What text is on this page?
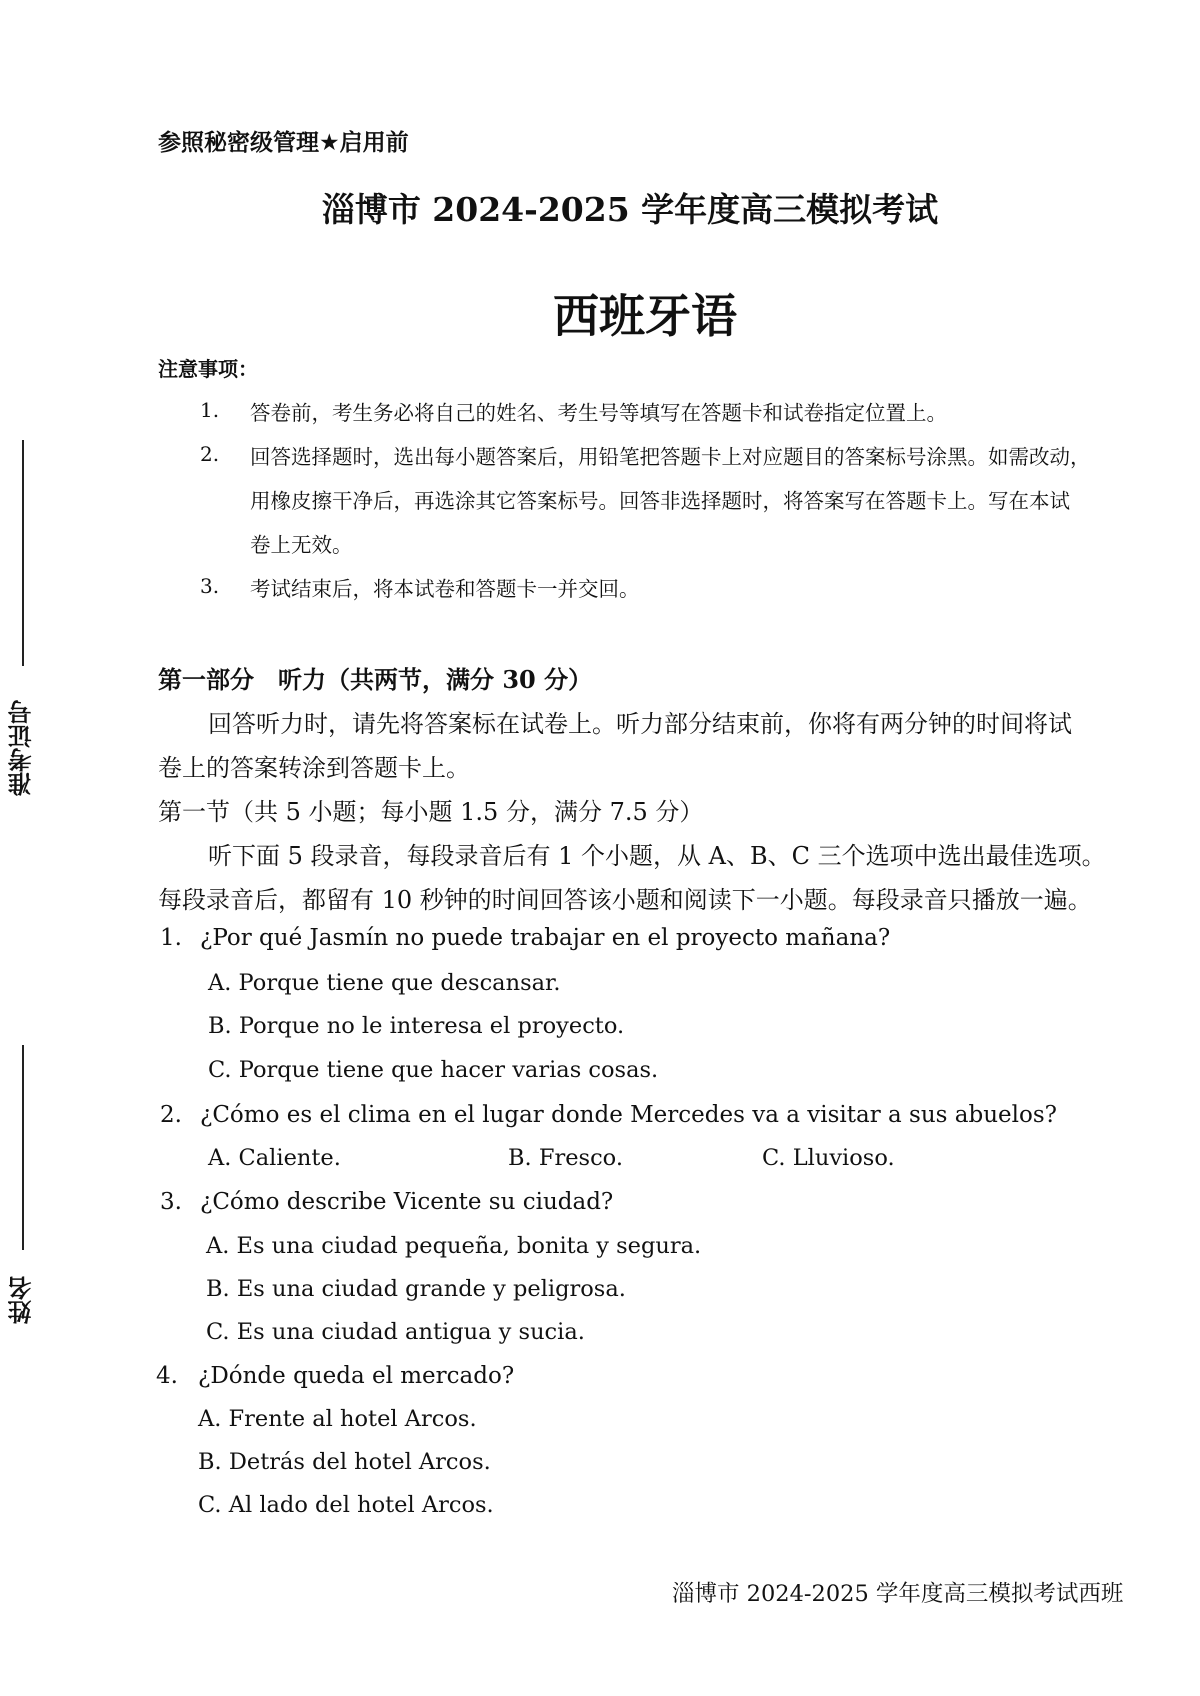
准考证号
姓名
参照秘密级管理★启用前
淄博市 2024-2025 学年度高三模拟考试
西班牙语
注意事项：
1. 答卷前，考生务必将自己的姓名、考生号等填写在答题卡和试卷指定位置上。
2. 回答选择题时，选出每小题答案后，用铅笔把答题卡上对应题目的答案标号涂黑。如需改动，
用橡皮擦干净后，再选涂其它答案标号。回答非选择题时，将答案写在答题卡上。写在本试
卷上无效。
3. 考试结束后，将本试卷和答题卡一并交回。
第一部分　听力（共两节，满分 30 分）
回答听力时，请先将答案标在试卷上。听力部分结束前，你将有两分钟的时间将试
卷上的答案转涂到答题卡上。
第一节（共 5 小题；每小题 1.5 分，满分 7.5 分）
听下面 5 段录音，每段录音后有 1 个小题，从 A、B、C 三个选项中选出最佳选项。
每段录音后，都留有 10 秒钟的时间回答该小题和阅读下一小题。每段录音只播放一遍。
1. ¿Por qué Jasmín no puede trabajar en el proyecto mañana?
A. Porque tiene que descansar.
B. Porque no le interesa el proyecto.
C. Porque tiene que hacer varias cosas.
2. ¿Cómo es el clima en el lugar donde Mercedes va a visitar a sus abuelos?
A. Caliente.	B. Fresco.	C. Lluvioso.
3. ¿Cómo describe Vicente su ciudad?
A. Es una ciudad pequeña, bonita y segura.
B. Es una ciudad grande y peligrosa.
C. Es una ciudad antigua y sucia.
4. ¿Dónde queda el mercado?
A. Frente al hotel Arcos.
B. Detrás del hotel Arcos.
C. Al lado del hotel Arcos.
淄博市 2024-2025 学年度高三模拟考试西班
